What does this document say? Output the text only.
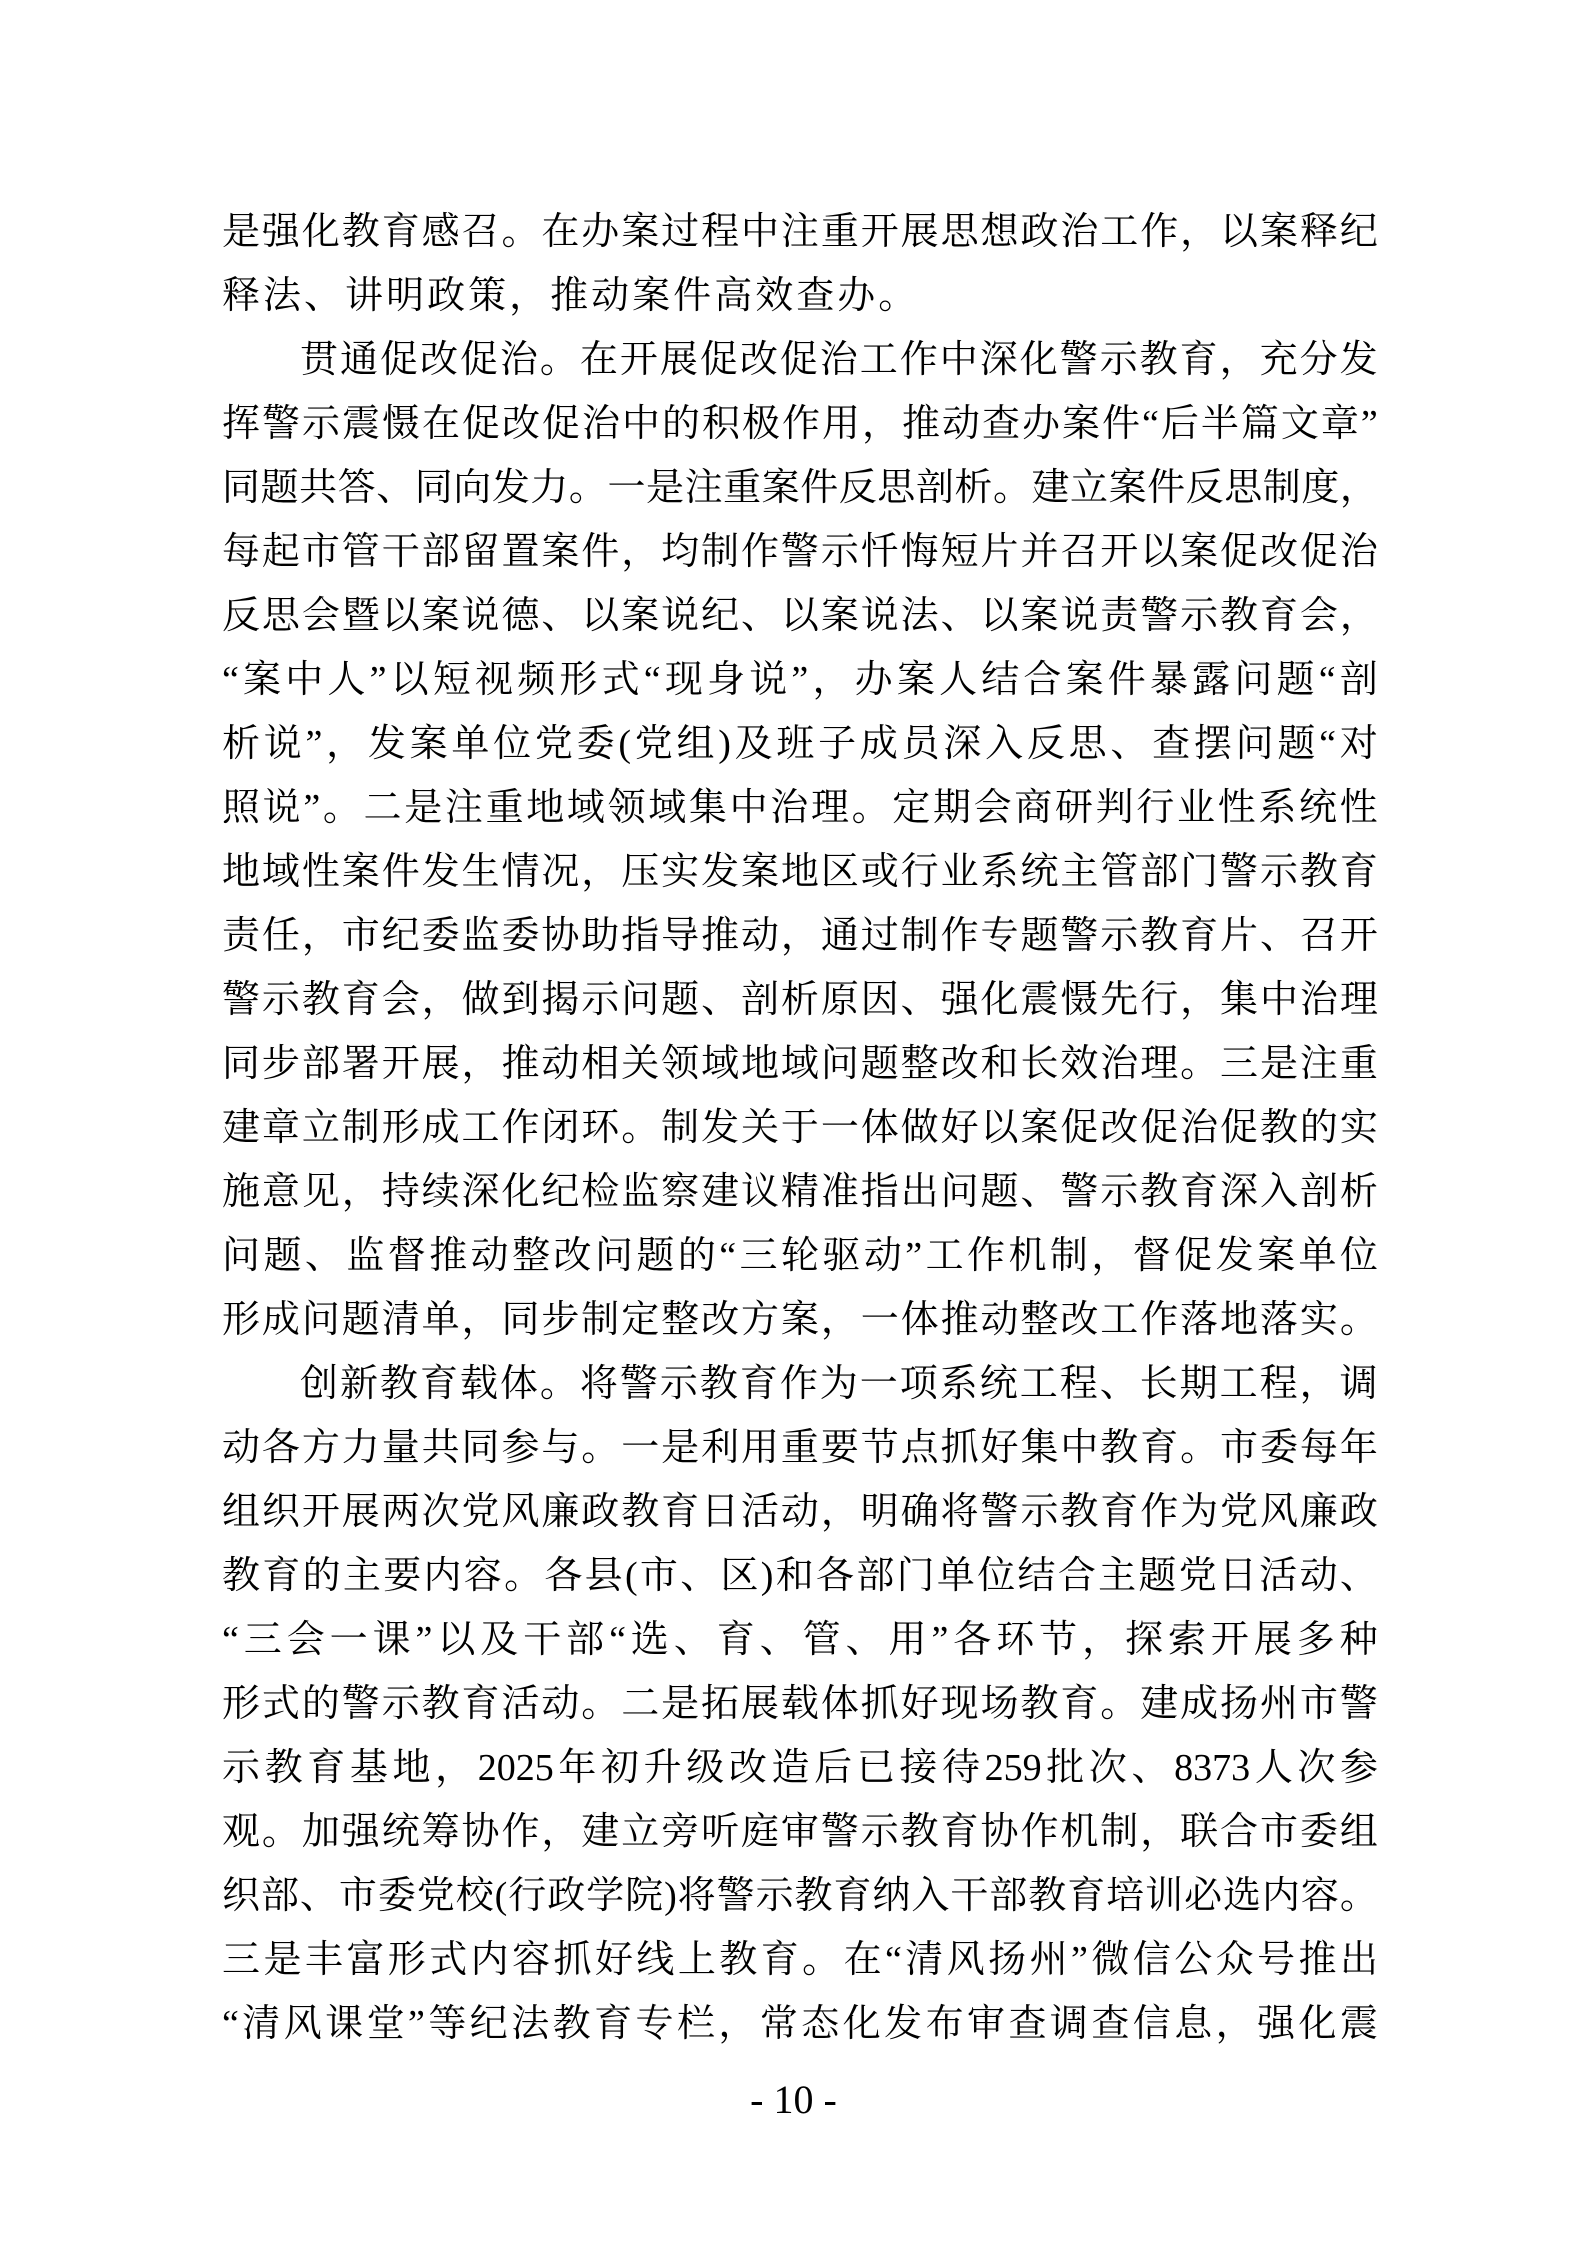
是 强 化 教 育 感 召 。 在 办 案 过 程 中 注 重 开 展 思 想 政 治 工 作 ， 以 案 释 纪
释 法 、 讲 明 政 策 ， 推 动 案 件 高 效 查 办 。
贯 通 促 改 促 治 。 在 开 展 促 改 促 治 工 作 中 深 化 警 示 教 育 ， 充 分 发
挥 警 示 震 慑 在 促 改 促 治 中 的 积 极 作 用 ， 推 动 查 办 案 件 “ 后 半 篇 文 章 ”
同 题 共 答 、 同 向 发 力 。 一 是 注 重 案 件 反 思 剖 析 。 建 立 案 件 反 思 制 度 ，
每 起 市 管 干 部 留 置 案 件 ， 均 制 作 警 示 忏 悔 短 片 并 召 开 以 案 促 改 促 治
反 思 会 暨 以 案 说 德 、 以 案 说 纪 、 以 案 说 法 、 以 案 说 责 警 示 教 育 会 ，
“ 案 中 人 ” 以 短 视 频 形 式 “ 现 身 说 ” ， 办 案 人 结 合 案 件 暴 露 问 题 “ 剖
析 说 ” ， 发 案 单 位 党 委 ( 党 组 ) 及 班 子 成 员 深 入 反 思 、 查 摆 问 题 “ 对
照 说 ” 。 二 是 注 重 地 域 领 域 集 中 治 理 。 定 期 会 商 研 判 行 业 性 系 统 性
地 域 性 案 件 发 生 情 况 ， 压 实 发 案 地 区 或 行 业 系 统 主 管 部 门 警 示 教 育
责 任 ， 市 纪 委 监 委 协 助 指 导 推 动 ， 通 过 制 作 专 题 警 示 教 育 片 、 召 开
警 示 教 育 会 ， 做 到 揭 示 问 题 、 剖 析 原 因 、 强 化 震 慑 先 行 ， 集 中 治 理
同 步 部 署 开 展 ， 推 动 相 关 领 域 地 域 问 题 整 改 和 长 效 治 理 。 三 是 注 重
建 章 立 制 形 成 工 作 闭 环 。 制 发 关 于 一 体 做 好 以 案 促 改 促 治 促 教 的 实
施 意 见 ， 持 续 深 化 纪 检 监 察 建 议 精 准 指 出 问 题 、 警 示 教 育 深 入 剖 析
问 题 、 监 督 推 动 整 改 问 题 的 “ 三 轮 驱 动 ” 工 作 机 制 ， 督 促 发 案 单 位
形 成 问 题 清 单 ， 同 步 制 定 整 改 方 案 ， 一 体 推 动 整 改 工 作 落 地 落 实 。
创 新 教 育 载 体 。 将 警 示 教 育 作 为 一 项 系 统 工 程 、 长 期 工 程 ， 调
动 各 方 力 量 共 同 参 与 。 一 是 利 用 重 要 节 点 抓 好 集 中 教 育 。 市 委 每 年
组 织 开 展 两 次 党 风 廉 政 教 育 日 活 动 ， 明 确 将 警 示 教 育 作 为 党 风 廉 政
教 育 的 主 要 内 容 。 各 县 ( 市 、 区 ) 和 各 部 门 单 位 结 合 主 题 党 日 活 动 、
“ 三 会 一 课 ” 以 及 干 部 “ 选 、 育 、 管 、 用 ” 各 环 节 ， 探 索 开 展 多 种
形 式 的 警 示 教 育 活 动 。 二 是 拓 展 载 体 抓 好 现 场 教 育 。 建 成 扬 州 市 警
示 教 育 基 地 ， 2025 年 初 升 级 改 造 后 已 接 待 259 批 次 、 8373 人 次 参
观 。 加 强 统 筹 协 作 ， 建 立 旁 听 庭 审 警 示 教 育 协 作 机 制 ， 联 合 市 委 组
织 部 、 市 委 党 校 ( 行 政 学 院 ) 将 警 示 教 育 纳 入 干 部 教 育 培 训 必 选 内 容 。
三 是 丰 富 形 式 内 容 抓 好 线 上 教 育 。 在 “ 清 风 扬 州 ” 微 信 公 众 号 推 出
“ 清 风 课 堂 ” 等 纪 法 教 育 专 栏 ， 常 态 化 发 布 审 查 调 查 信 息 ， 强 化 震
- 10 -
